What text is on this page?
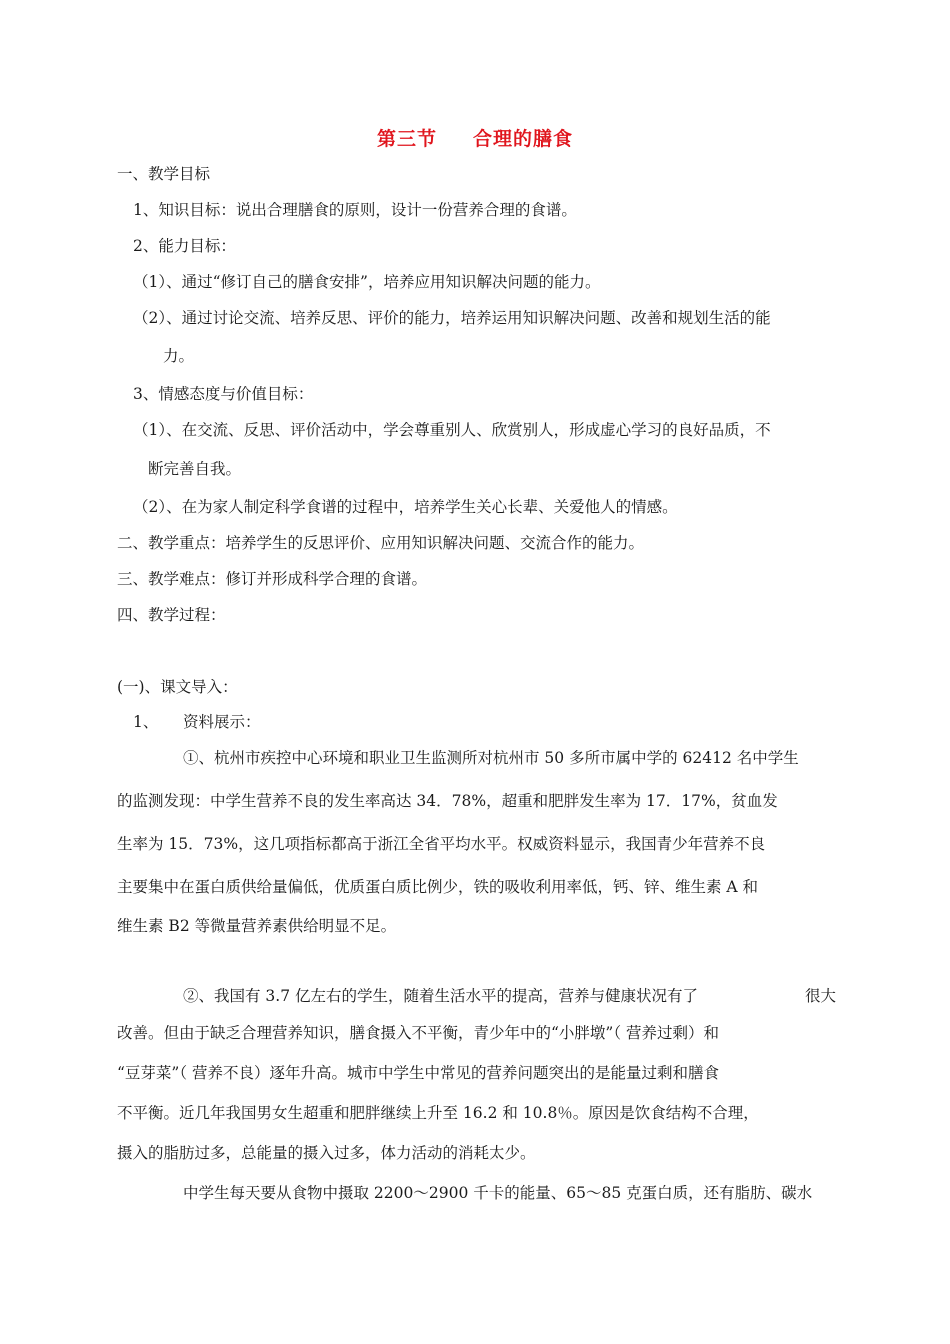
第三节 合理的膳食

一、教学目标

1、知识目标：说出合理膳食的原则，设计一份营养合理的食谱。

2、能力目标：

（1）、通过“修订自己的膳食安排”，培养应用知识解决问题的能力。

（2）、通过讨论交流、培养反思、评价的能力，培养运用知识解决问题、改善和规划生活的能

力。

3、情感态度与价值目标：

（1）、在交流、反思、评价活动中，学会尊重别人、欣赏别人，形成虚心学习的良好品质，不

断完善自我。

（2）、在为家人制定科学食谱的过程中，培养学生关心长辈、关爱他人的情感。

二、教学重点：培养学生的反思评价、应用知识解决问题、交流合作的能力。

三、教学难点：修订并形成科学合理的食谱。

四、教学过程：

(一)、课文导入：

1、 资料展示：

①、杭州市疾控中心环境和职业卫生监测所对杭州市 50 多所市属中学的 62412 名中学生

的监测发现：中学生营养不良的发生率高达 34．78%，超重和肥胖发生率为 17．17%，贫血发

生率为 15．73%，这几项指标都高于浙江全省平均水平。权威资料显示，我国青少年营养不良

主要集中在蛋白质供给量偏低，优质蛋白质比例少，铁的吸收利用率低，钙、锌、维生素 A 和

维生素 B2 等微量营养素供给明显不足。

②、我国有 3.7 亿左右的学生，随着生活水平的提高，营养与健康状况有了	很大

改善。但由于缺乏合理营养知识，膳食摄入不平衡，青少年中的“小胖墩”（ 营养过剩）和

“豆芽菜”（ 营养不良）逐年升高。城市中学生中常见的营养问题突出的是能量过剩和膳食

不平衡。近几年我国男女生超重和肥胖继续上升至 16.2 和 10.8％。原因是饮食结构不合理，

摄入的脂肪过多，总能量的摄入过多，体力活动的消耗太少。

中学生每天要从食物中摄取 2200～2900 千卡的能量、65～85 克蛋白质，还有脂肪、碳水
